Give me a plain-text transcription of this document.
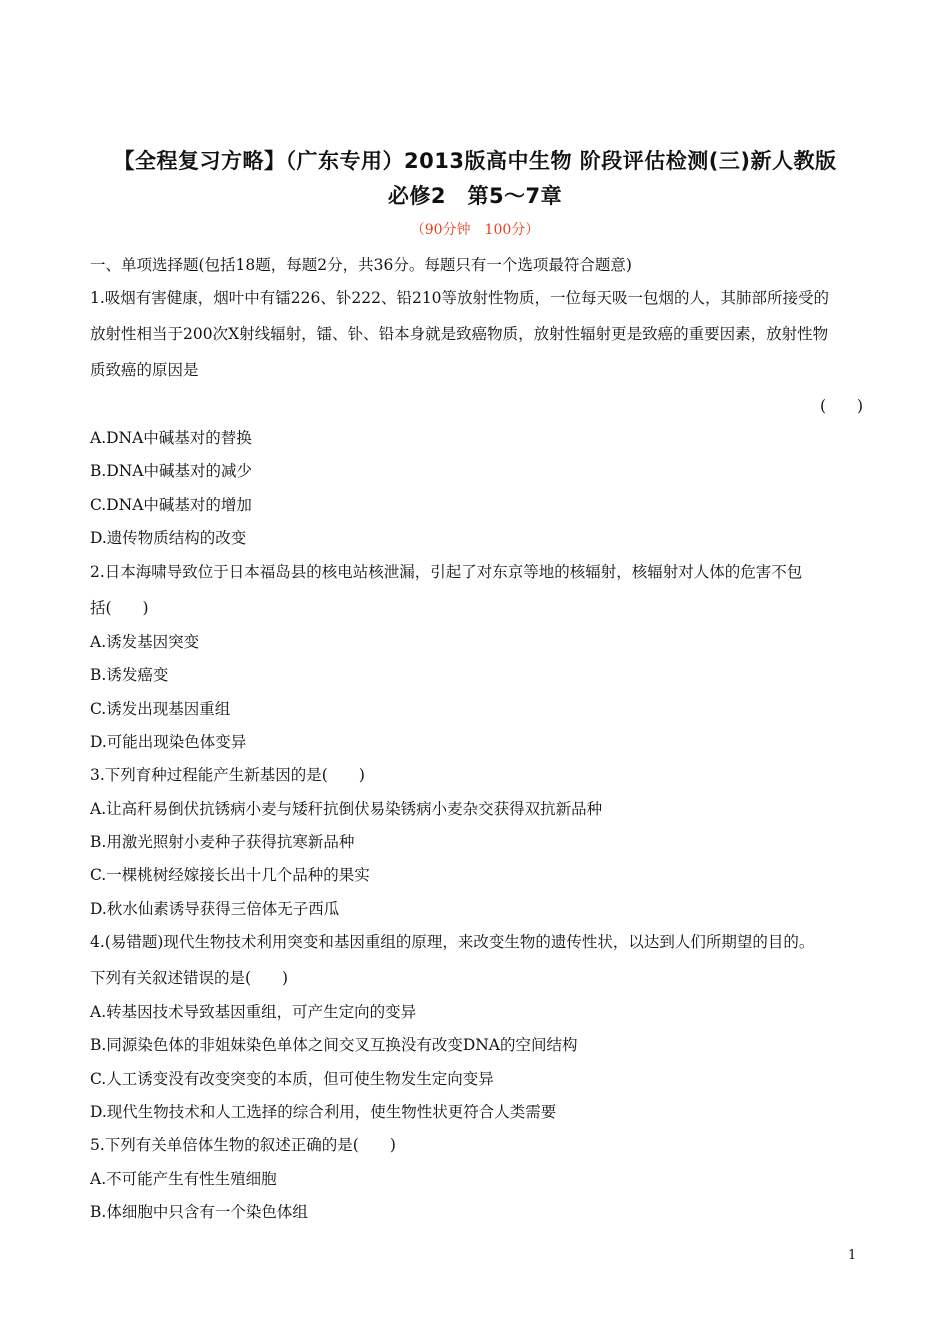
【全程复习方略】（广东专用）2013版高中生物 阶段评估检测(三)新人教版
必修2　第5～7章
（90分钟　100分）
一、单项选择题(包括18题，每题2分，共36分。每题只有一个选项最符合题意)
1.吸烟有害健康，烟叶中有镭226、钋222、铅210等放射性物质，一位每天吸一包烟的人，其肺部所接受的
放射性相当于200次X射线辐射，镭、钋、铅本身就是致癌物质，放射性辐射更是致癌的重要因素，放射性物
质致癌的原因是
(　　)
A.DNA中碱基对的替换
B.DNA中碱基对的减少
C.DNA中碱基对的增加
D.遗传物质结构的改变
2.日本海啸导致位于日本福岛县的核电站核泄漏，引起了对东京等地的核辐射，核辐射对人体的危害不包
括(　　)
A.诱发基因突变
B.诱发癌变
C.诱发出现基因重组
D.可能出现染色体变异
3.下列育种过程能产生新基因的是(　　)
A.让高秆易倒伏抗锈病小麦与矮秆抗倒伏易染锈病小麦杂交获得双抗新品种
B.用激光照射小麦种子获得抗寒新品种
C.一棵桃树经嫁接长出十几个品种的果实
D.秋水仙素诱导获得三倍体无子西瓜
4.(易错题)现代生物技术利用突变和基因重组的原理，来改变生物的遗传性状，以达到人们所期望的目的。
下列有关叙述错误的是(　　)
A.转基因技术导致基因重组，可产生定向的变异
B.同源染色体的非姐妹染色单体之间交叉互换没有改变DNA的空间结构
C.人工诱变没有改变突变的本质，但可使生物发生定向变异
D.现代生物技术和人工选择的综合利用，使生物性状更符合人类需要
5.下列有关单倍体生物的叙述正确的是(　　)
A.不可能产生有性生殖细胞
B.体细胞中只含有一个染色体组
1
